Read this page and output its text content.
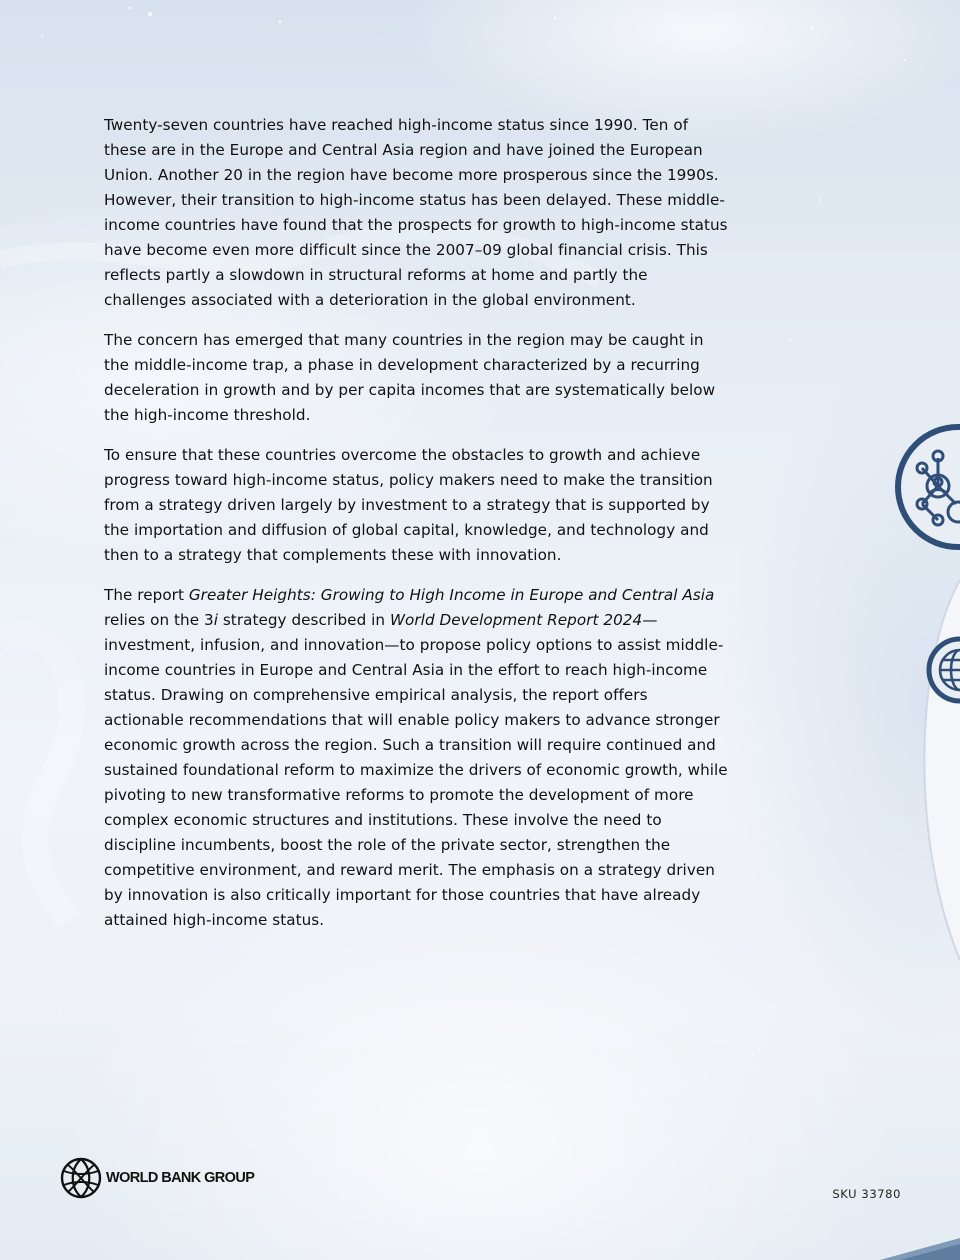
Twenty-seven countries have reached high-income status since 1990. Ten of these are in the Europe and Central Asia region and have joined the European Union. Another 20 in the region have become more prosperous since the 1990s. However, their transition to high-income status has been delayed. These middle-income countries have found that the prospects for growth to high-income status have become even more difficult since the 2007–09 global financial crisis. This reflects partly a slowdown in structural reforms at home and partly the challenges associated with a deterioration in the global environment.

The concern has emerged that many countries in the region may be caught in the middle-income trap, a phase in development characterized by a recurring deceleration in growth and by per capita incomes that are systematically below the high-income threshold.

To ensure that these countries overcome the obstacles to growth and achieve progress toward high-income status, policy makers need to make the transition from a strategy driven largely by investment to a strategy that is supported by the importation and diffusion of global capital, knowledge, and technology and then to a strategy that complements these with innovation.

The report Greater Heights: Growing to High Income in Europe and Central Asia relies on the 3i strategy described in World Development Report 2024—investment, infusion, and innovation—to propose policy options to assist middle-income countries in Europe and Central Asia in the effort to reach high-income status. Drawing on comprehensive empirical analysis, the report offers actionable recommendations that will enable policy makers to advance stronger economic growth across the region. Such a transition will require continued and sustained foundational reform to maximize the drivers of economic growth, while pivoting to new transformative reforms to promote the development of more complex economic structures and institutions. These involve the need to discipline incumbents, boost the role of the private sector, strengthen the competitive environment, and reward merit. The emphasis on a strategy driven by innovation is also critically important for those countries that have already attained high-income status.

WORLD BANK GROUP
SKU 33780
